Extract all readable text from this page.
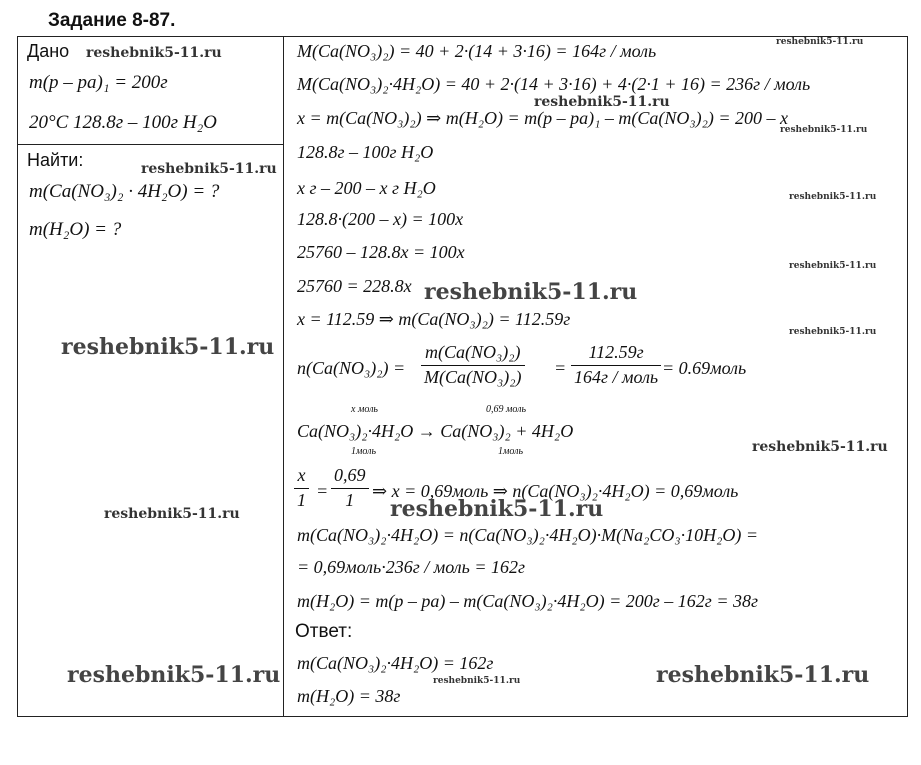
Задание 8-87.
Дано
m(p – pa)₁ = 200г
20°C 128.8г – 100г H₂O
Найти:
m(Ca(NO₃)₂ · 4H₂O) = ?
m(H₂O) = ?
M(Ca(NO₃)₂) = 40 + 2·(14 + 3·16) = 164г / моль
M(Ca(NO₃)₂·4H₂O) = 40 + 2·(14 + 3·16) + 4·(2·1 + 16) = 236г / моль
x = m(Ca(NO₃)₂) ⇒ m(H₂O) = m(p – pa)₁ – m(Ca(NO₃)₂) = 200 – x
128.8г – 100г H₂O
x г – 200 – x г H₂O
128.8·(200 – x) = 100x
25760 – 128.8x = 100x
25760 = 228.8x
x = 112.59 ⇒ m(Ca(NO₃)₂) = 112.59г
$n(Ca(NO_3)_2) = \frac{\text{m(Ca(NO₃)₂)}}{\text{M(Ca(NO₃)₂)}}$ =
112.59г
164г / моль = 0.69моль
x моль	0,69 моль
Ca(NO₃)₂·4H₂O → Ca(NO₃)₂ + 4H₂O
1моль	1моль
$\frac{x}{1} = \frac{0,69}{1}$ ⇒ x = 0,69моль ⇒ n(Ca(NO₃)₂·4H₂O) = 0,69моль
m(Ca(NO₃)₂·4H₂O) = n(Ca(NO₃)₂·4H₂O)·M(Na₂CO₃·10H₂O) =
= 0,69моль·236г / моль = 162г
m(H₂O) = m(p – pa) – m(Ca(NO₃)₂·4H₂O) = 200г – 162г = 38г
Ответ:
m(Ca(NO₃)₂·4H₂O) = 162г
m(H₂O) = 38г
reshebnik5-11.ru
reshebnik5-11.ru
reshebnik5-11.ru
reshebnik5-11.ru
reshebnik5-11.ru
reshebnik5-11.ru
reshebnik5-11.ru
reshebnik5-11.ru
reshebnik5-11.ru
reshebnik5-11.ru
reshebnik5-11.ru
reshebnik5-11.ru
reshebnik5-11.ru
reshebnik5-11.ru	reshebnik5-11.ru
reshebnik5-11.ru
